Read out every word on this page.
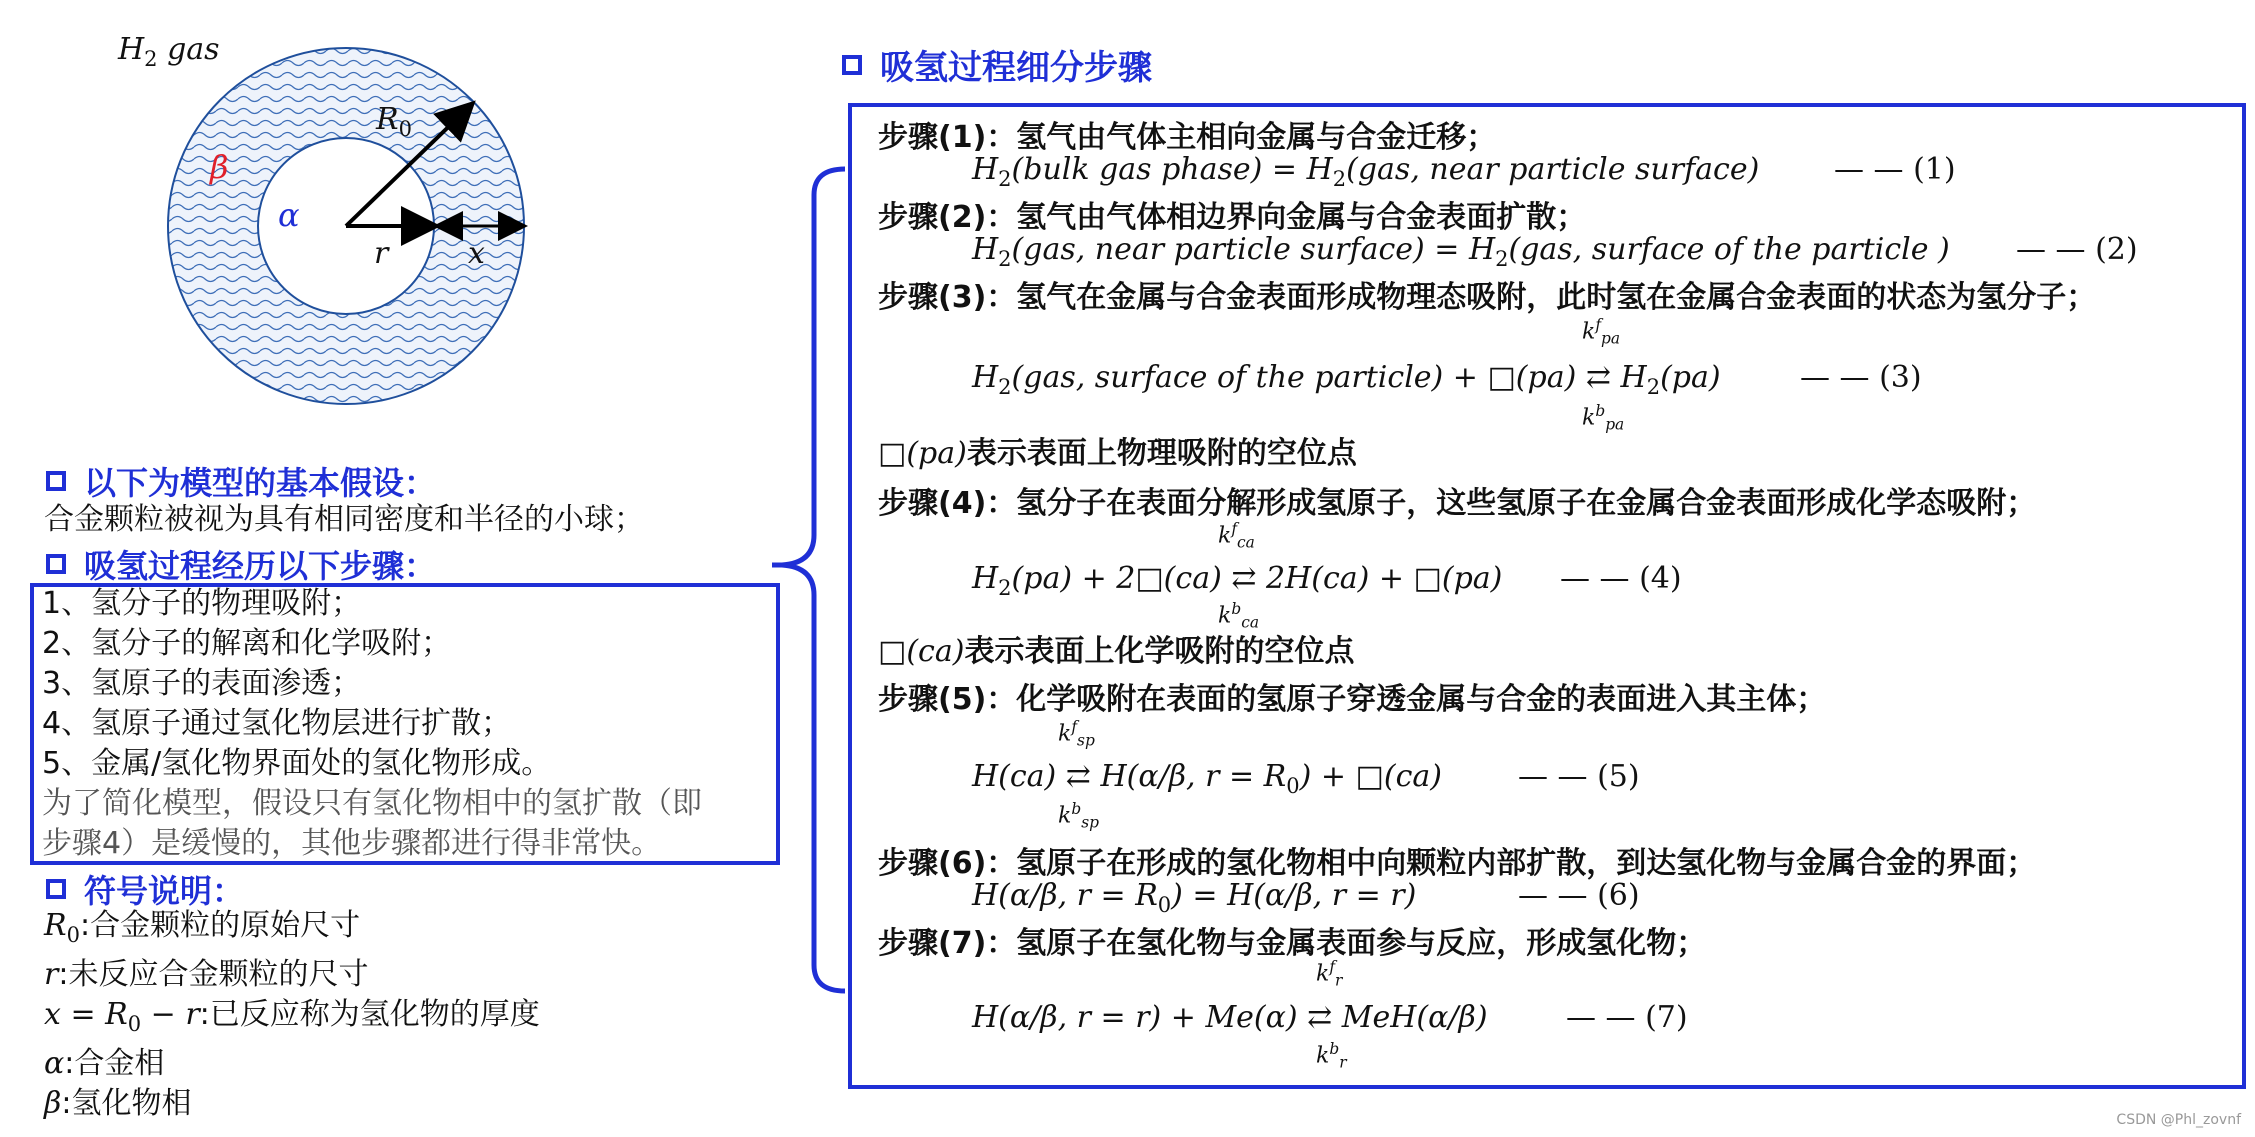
$H_2$ gas
β
α
$R_0$
r	x
以下为模型的基本假设：
合金颗粒被视为具有相同密度和半径的小球；
吸氢过程经历以下步骤：
1、氢分子的物理吸附；
2、氢分子的解离和化学吸附；
3、氢原子的表面渗透；
4、氢原子通过氢化物层进行扩散；
5、金属/氢化物界面处的氢化物形成。
为了简化模型，假设只有氢化物相中的氢扩散（即
步骤4）是缓慢的，其他步骤都进行得非常快。
符号说明：
$R_0$:合金颗粒的原始尺寸
r:未反应合金颗粒的尺寸
$x = R_0 - r$:已反应称为氢化物的厚度
α:合金相
β:氢化物相
吸氢过程细分步骤
步骤(1)：氢气由气体主相向金属与合金迁移；
$H_2(bulk$ gas phase) = $H_2(gas$, near particle surface) — — (1)
步骤(2)：氢气由气体相边界向金属与合金表面扩散；
$H_2(gas$, near particle surface) = $H_2(gas$, surface of the particle ) — — (2)
步骤(3)：氢气在金属与合金表面形成物理态吸附，此时氢在金属合金表面的状态为氢分子；
$k^f_{pa}$
$H_2(gas$, surface of the particle) + □(pa) ⇄ $H_2(pa)$
$k^b_{pa}$
— — (3)
□(pa)表示表面上物理吸附的空位点
步骤(4)：氢分子在表面分解形成氢原子，这些氢原子在金属合金表面形成化学态吸附；
$k^f_{ca}$
$H_2(pa)$ + 2□(ca) ⇄ 2H(ca) + □(pa)
$k^b_{ca}$
— — (4)
□(ca)表示表面上化学吸附的空位点
步骤(5)：化学吸附在表面的氢原子穿透金属与合金的表面进入其主体；
$k^f_{sp}$
H(ca) ⇄ H(α/β, $r = R_0$) + □(ca)
$k^b_{sp}$
— — (5)
步骤(6)：氢原子在形成的氢化物相中向颗粒内部扩散，到达氢化物与金属合金的界面；
H(α/β, $r = R_0) = H(\alpha/\beta$, r = r)	— — (6)
步骤(7)：氢原子在氢化物与金属表面参与反应，形成氢化物；
$k^f_r$
H(α/β, r = r) + Me(α) ⇄ MeH(α/β)
$k^b_r$
— — (7)
CSDN @Phl_zovnf
